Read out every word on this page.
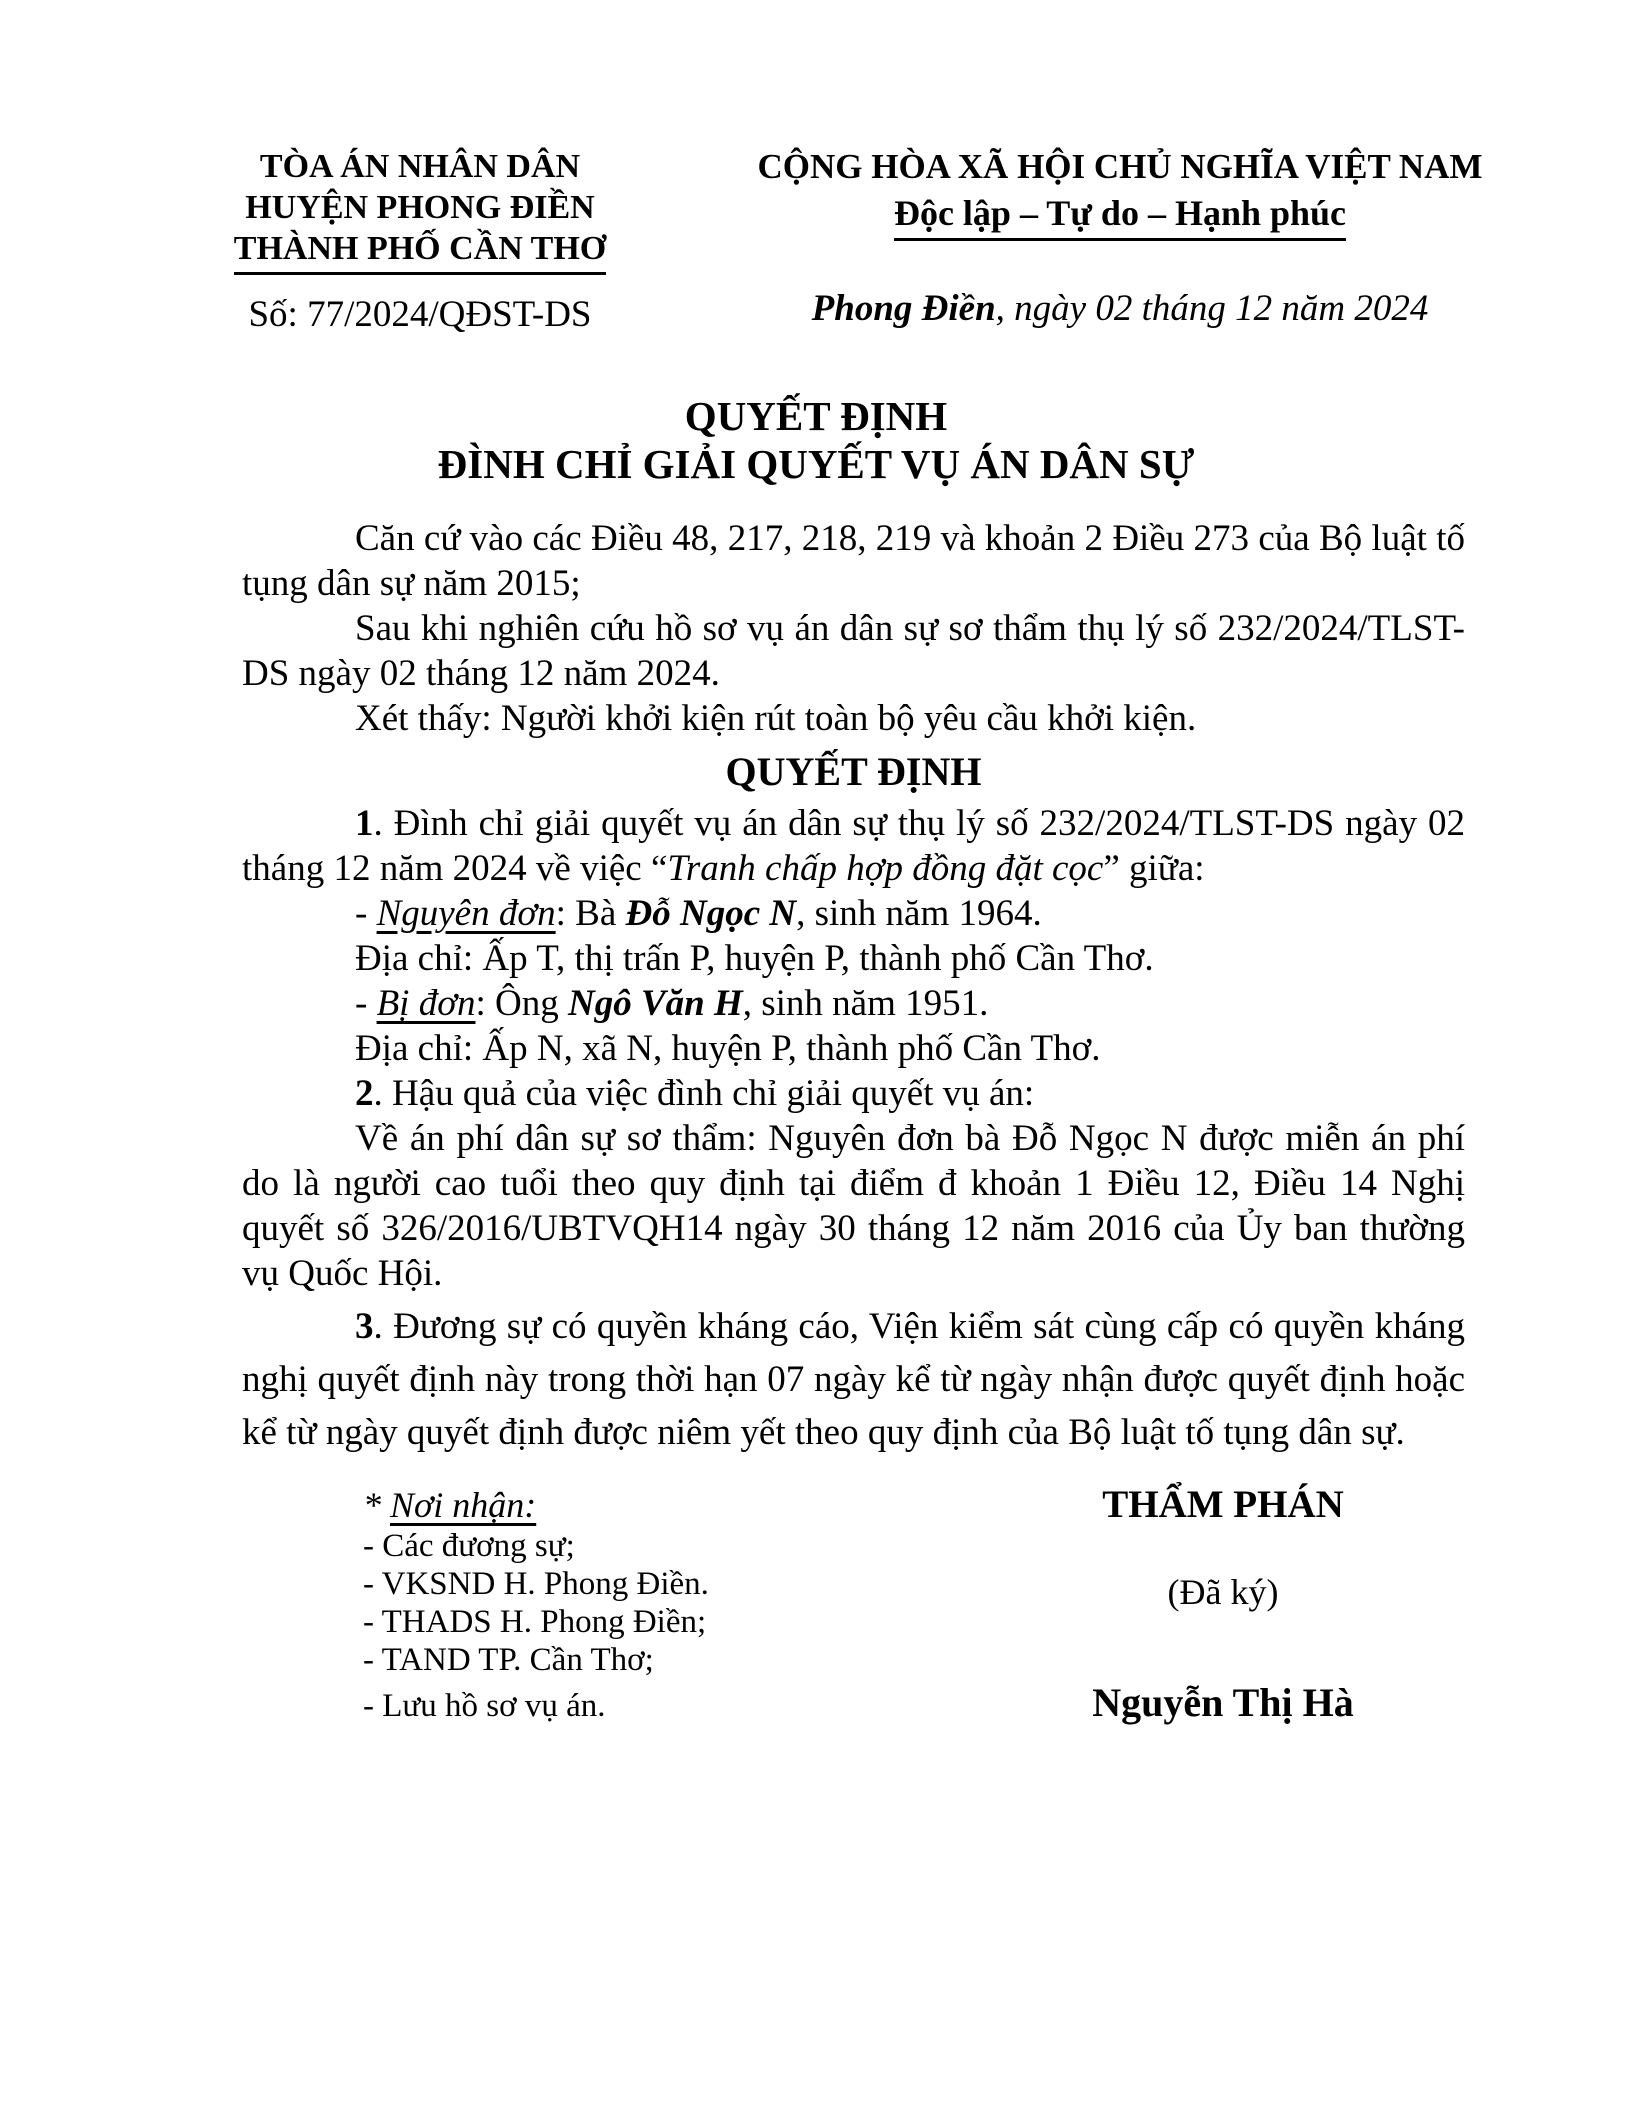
TÒA ÁN NHÂN DÂN
HUYỆN PHONG ĐIỀN
THÀNH PHỐ CẦN THƠ
Số: 77/2024/QĐST-DS
CỘNG HÒA XÃ HỘI CHỦ NGHĨA VIỆT NAM
Độc lập – Tự do – Hạnh phúc
Phong Điền, ngày 02 tháng 12 năm 2024
QUYẾT ĐỊNH
ĐÌNH CHỈ GIẢI QUYẾT VỤ ÁN DÂN SỰ

Căn cứ vào các Điều 48, 217, 218, 219 và khoản 2 Điều 273 của Bộ luật tố tụng dân sự năm 2015;

Sau khi nghiên cứu hồ sơ vụ án dân sự sơ thẩm thụ lý số 232/2024/TLST-DS ngày 02 tháng 12 năm 2024.

Xét thấy: Người khởi kiện rút toàn bộ yêu cầu khởi kiện.

QUYẾT ĐỊNH

1. Đình chỉ giải quyết vụ án dân sự thụ lý số 232/2024/TLST-DS ngày 02 tháng 12 năm 2024 về việc “Tranh chấp hợp đồng đặt cọc” giữa:

- Nguyên đơn: Bà Đỗ Ngọc N, sinh năm 1964.

Địa chỉ: Ấp T, thị trấn P, huyện P, thành phố Cần Thơ.

- Bị đơn: Ông Ngô Văn H, sinh năm 1951.

Địa chỉ: Ấp N, xã N, huyện P, thành phố Cần Thơ.

2. Hậu quả của việc đình chỉ giải quyết vụ án:

Về án phí dân sự sơ thẩm: Nguyên đơn bà Đỗ Ngọc N được miễn án phí do là người cao tuổi theo quy định tại điểm đ khoản 1 Điều 12, Điều 14 Nghị quyết số 326/2016/UBTVQH14 ngày 30 tháng 12 năm 2016 của Ủy ban thường vụ Quốc Hội.

3. Đương sự có quyền kháng cáo, Viện kiểm sát cùng cấp có quyền kháng nghị quyết định này trong thời hạn 07 ngày kể từ ngày nhận được quyết định hoặc kể từ ngày quyết định được niêm yết theo quy định của Bộ luật tố tụng dân sự.

* Nơi nhận:
- Các đương sự;
- VKSND H. Phong Điền.
- THADS H. Phong Điền;
- TAND TP. Cần Thơ;
- Lưu hồ sơ vụ án.
THẨM PHÁN
(Đã ký)
Nguyễn Thị Hà
